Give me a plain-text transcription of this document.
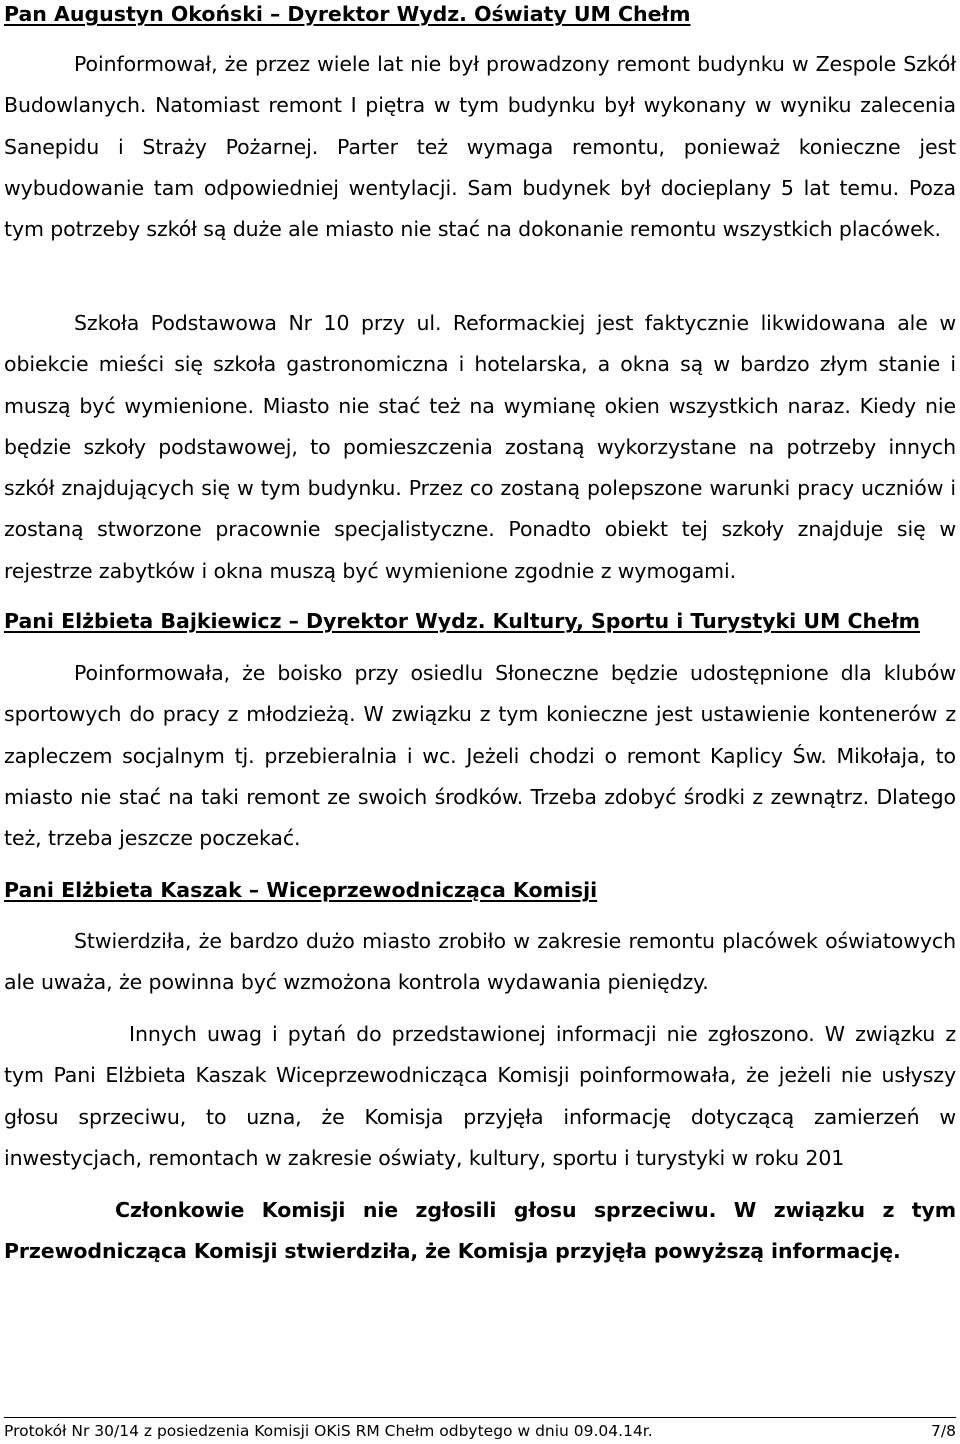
Pan Augustyn Okoński – Dyrektor Wydz. Oświaty UM Chełm

Poinformował, że przez wiele lat nie był prowadzony remont budynku w Zespole Szkół Budowlanych. Natomiast remont I piętra w tym budynku był wykonany w wyniku zalecenia Sanepidu i Straży Pożarnej. Parter też wymaga remontu, ponieważ konieczne jest wybudowanie tam odpowiedniej wentylacji. Sam budynek był docieplany 5 lat temu. Poza tym potrzeby szkół są duże ale miasto nie stać na dokonanie remontu wszystkich placówek.

Szkoła Podstawowa Nr 10 przy ul. Reformackiej jest faktycznie likwidowana ale w obiekcie mieści się szkoła gastronomiczna i hotelarska, a okna są w bardzo złym stanie i muszą być wymienione. Miasto nie stać też na wymianę okien wszystkich naraz. Kiedy nie będzie szkoły podstawowej, to pomieszczenia zostaną wykorzystane na potrzeby innych szkół znajdujących się w tym budynku. Przez co zostaną polepszone warunki pracy uczniów i zostaną stworzone pracownie specjalistyczne. Ponadto obiekt tej szkoły znajduje się w rejestrze zabytków i okna muszą być wymienione zgodnie z wymogami.

Pani Elżbieta Bajkiewicz – Dyrektor Wydz. Kultury, Sportu i Turystyki UM Chełm

Poinformowała, że boisko przy osiedlu Słoneczne będzie udostępnione dla klubów sportowych do pracy z młodzieżą. W związku z tym konieczne jest ustawienie kontenerów z zapleczem socjalnym tj. przebieralnia i wc. Jeżeli chodzi o remont Kaplicy Św. Mikołaja, to miasto nie stać na taki remont ze swoich środków. Trzeba zdobyć środki z zewnątrz. Dlatego też, trzeba jeszcze poczekać.

Pani Elżbieta Kaszak – Wiceprzewodnicząca Komisji

Stwierdziła, że bardzo dużo miasto zrobiło w zakresie remontu placówek oświatowych ale uważa, że powinna być wzmożona kontrola wydawania pieniędzy.

Innych uwag i pytań do przedstawionej informacji nie zgłoszono. W związku z tym Pani Elżbieta Kaszak Wiceprzewodnicząca Komisji poinformowała, że jeżeli nie usłyszy głosu sprzeciwu, to uzna, że Komisja przyjęła informację dotyczącą zamierzeń w inwestycjach, remontach w zakresie oświaty, kultury, sportu i turystyki w roku 201

Członkowie Komisji nie zgłosili głosu sprzeciwu. W związku z tym Przewodnicząca Komisji stwierdziła, że Komisja przyjęła powyższą informację.

Protokół Nr 30/14 z posiedzenia Komisji OKiS RM Chełm odbytego w dniu 09.04.14r.	7/8
